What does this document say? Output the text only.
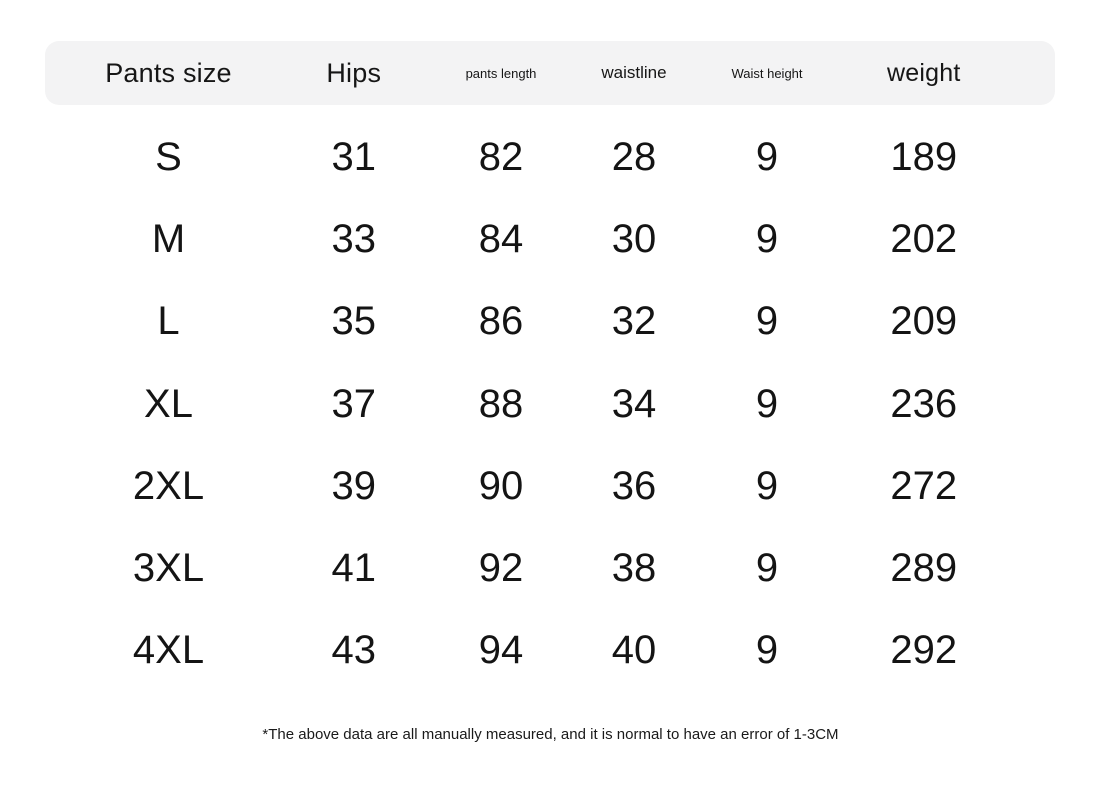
Pants size	Hips	pants length	waistline	Waist height	weight
S	31	82	28	9	189
M	33	84	30	9	202
L	35	86	32	9	209
XL	37	88	34	9	236
2XL	39	90	36	9	272
3XL	41	92	38	9	289
4XL	43	94	40	9	292
*The above data are all manually measured, and it is normal to have an error of 1-3CM
